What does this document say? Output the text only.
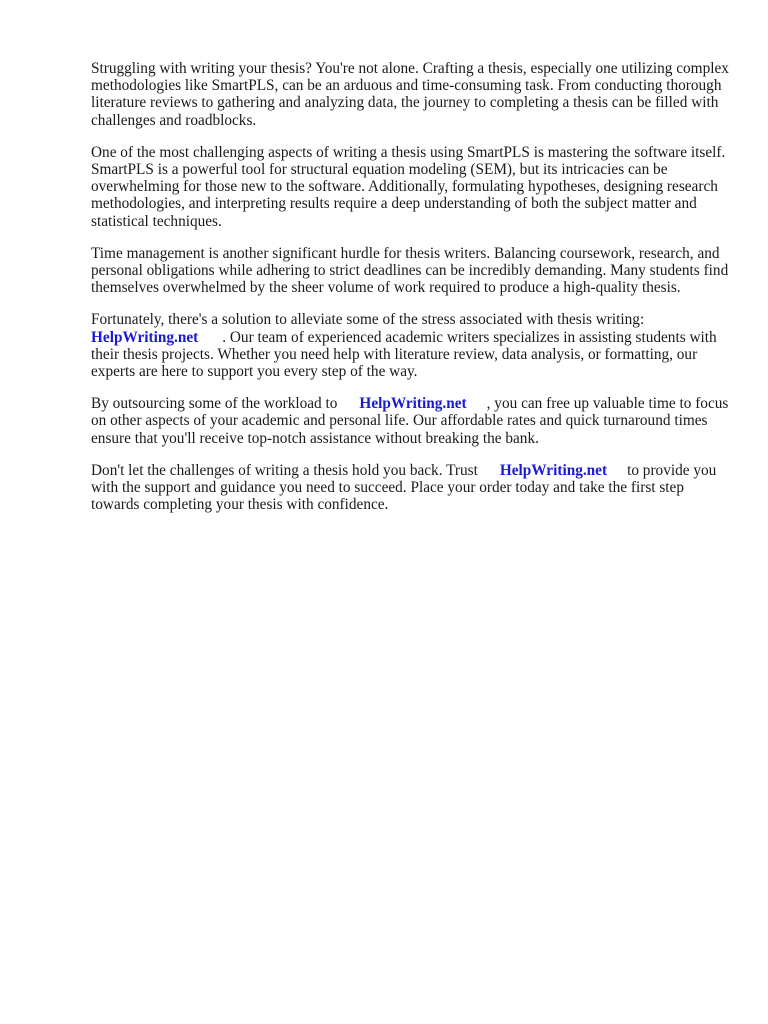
Struggling with writing your thesis? You're not alone. Crafting a thesis, especially one utilizing complex methodologies like SmartPLS, can be an arduous and time-consuming task. From conducting thorough literature reviews to gathering and analyzing data, the journey to completing a thesis can be filled with challenges and roadblocks.

One of the most challenging aspects of writing a thesis using SmartPLS is mastering the software itself. SmartPLS is a powerful tool for structural equation modeling (SEM), but its intricacies can be overwhelming for those new to the software. Additionally, formulating hypotheses, designing research methodologies, and interpreting results require a deep understanding of both the subject matter and statistical techniques.

Time management is another significant hurdle for thesis writers. Balancing coursework, research, and personal obligations while adhering to strict deadlines can be incredibly demanding. Many students find themselves overwhelmed by the sheer volume of work required to produce a high-quality thesis.

Fortunately, there's a solution to alleviate some of the stress associated with thesis writing:
HelpWriting.net . Our team of experienced academic writers specializes in assisting students with their thesis projects. Whether you need help with literature review, data analysis, or formatting, our experts are here to support you every step of the way.

By outsourcing some of the workload to HelpWriting.net , you can free up valuable time to focus on other aspects of your academic and personal life. Our affordable rates and quick turnaround times ensure that you'll receive top-notch assistance without breaking the bank.

Don't let the challenges of writing a thesis hold you back. Trust HelpWriting.net to provide you with the support and guidance you need to succeed. Place your order today and take the first step towards completing your thesis with confidence.
